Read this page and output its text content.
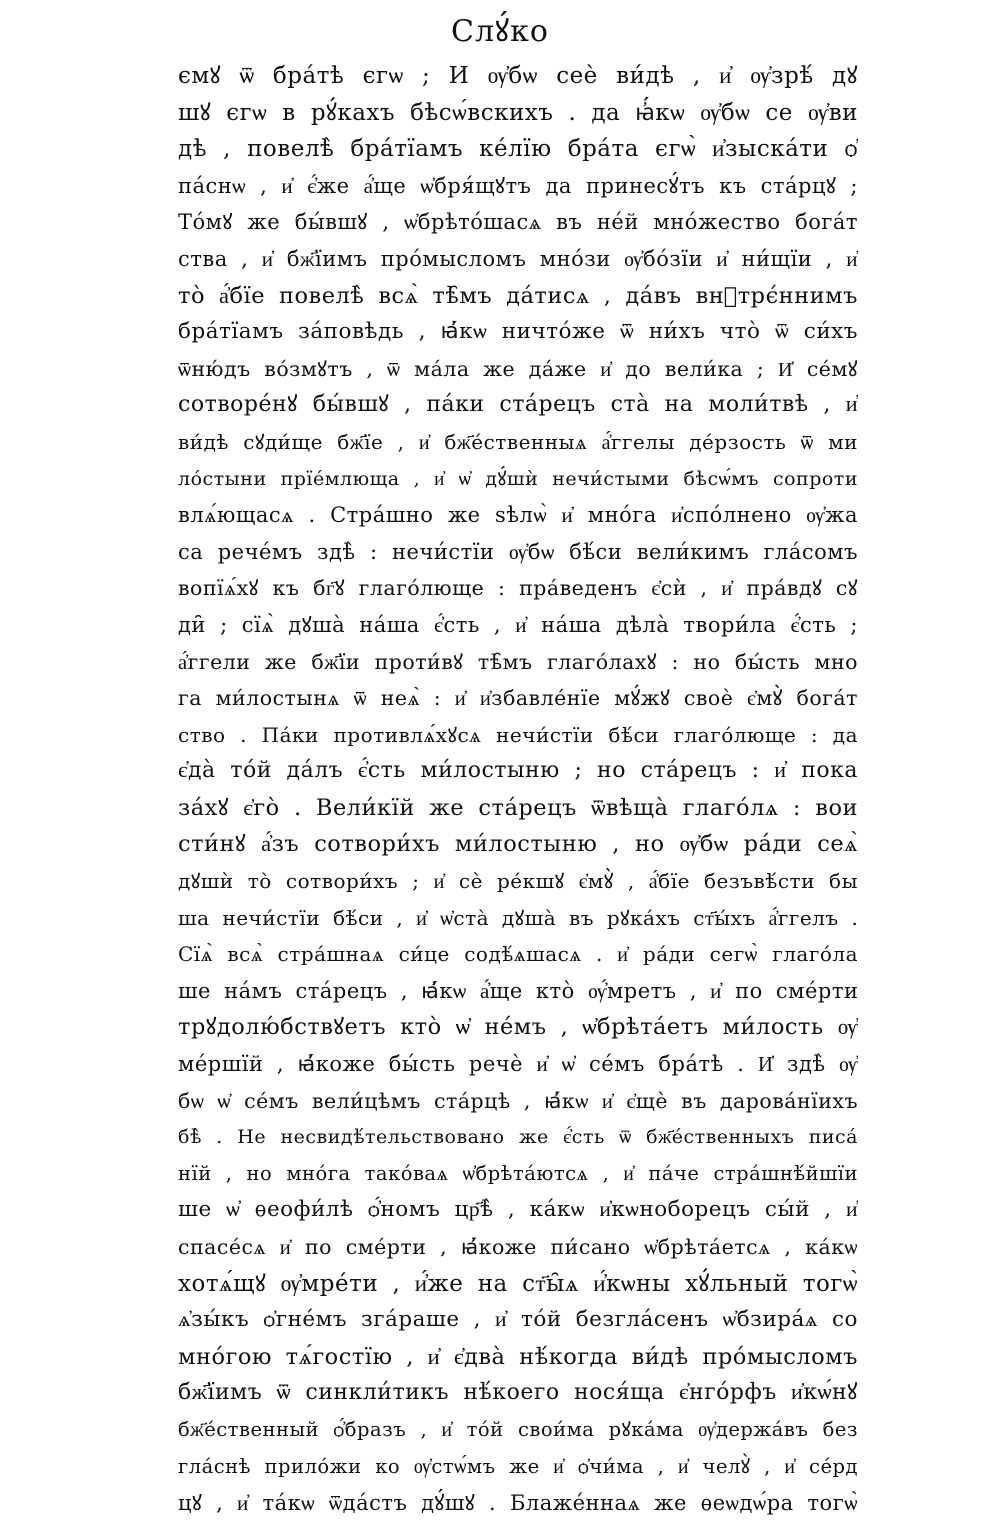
Слꙋ́ко
ємꙋ ѿ бра́тѣ єгѡ ; И ѹ҆бѡ сеѐ ви́дѣ , и҆ ѹ҆зрѣ́ дꙋ
шꙋ єгѡ в рꙋ́кахъ бѣсѡ́вскихъ . да ꙗ҆́кѡ ѹ҆бѡ се ѹ҆ви
дѣ , повелѣ̀ бра́тїамъ ке́лїю бра́та єгѡ̀ и҆зыска́ти ѻ҆
па́снѡ , и҆ є҆́же а҆́ще ѡ҆бря́щꙋтъ да принесꙋ́тъ къ ста́рцꙋ ;
То́мꙋ же бы́вшꙋ , ѡ҆брѣто́шасѧ въ не́й мно́жество бога́т
ства , и҆ бж҃їимъ про́мысломъ мно́зи ѹ҆бо́зїи и҆ ни́щїи , и҆
то̀ а҆́бїе повелѣ̀ всѧ̀ тѣ̑мъ да́тисѧ , да́въ вн꙽трє́ннимъ
бра́тїамъ за́повѣдь , ꙗ҆́кѡ ничто́же ѿ ни́хъ что̀ ѿ си́хъ
ѿню́дъ во́змꙋтъ , ѿ ма́ла же да́же и҆ до вели́ка ; И҆ се́мꙋ
сотворе́нꙋ бы́вшꙋ , па́ки ста́рецъ ста̀ на моли́твѣ , и҆
ви́дѣ сꙋди́ще бж҃їе , и҆ бж҃е́ственныѧ а҆́ггелы де́рзость ѿ ми
ло́стыни прїе́млюща , и҆ ѡ҆ дꙋ́шѝ нечи́стыми бѣсѡ́мъ сопроти
влѧ́ющасѧ . Стра́шно же ѕѣлѡ̀ и҆ мно́га и҆спо́лнено ѹ҆жа
са рече́мъ здѣ̀ : нечи́стїи ѹ҆бѡ бѣ́си вели́кимъ гла́сомъ
вопїѧ́хꙋ къ бг҃ꙋ глаго́люще : пра́веденъ є҆сѝ , и҆ пра́вдꙋ сꙋ
ди̑ ; сїѧ̀ дꙋша̀ на́ша є҆́сть , и҆ на́ша дѣла̀ твори́ла є҆́сть ;
а҆́ггели же бж҃їи проти́вꙋ тѣ̑мъ глаго́лахꙋ : но бы́сть мно
га ми́лостынѧ ѿ неѧ̀ : и҆ и҆збавле́нїе мꙋ́жꙋ своѐ є҆мꙋ̀ бога́т
ство . Па́ки противлѧ́хꙋсѧ нечи́стїи бѣ́си глаго́люще : да
є҆да̀ то́й да́лъ є҆́сть ми́лостыню ; но ста́рецъ : и҆ пока
за́хꙋ є҆го̀ . Вели́кїй же ста́рецъ ѿвѣща̀ глаго́лѧ : вои
сти́нꙋ а҆́зъ сотвори́хъ ми́лостыню , но ѹ҆бѡ ра́ди сеѧ̀
дꙋшѝ то̀ сотвори́хъ ; и҆ сѐ ре́кшꙋ є҆мꙋ̀ , а҆́бїе безъвѣ́сти бы
ша нечи́стїи бѣ́си , и҆ ѡ҆ста̀ дꙋша̀ въ рꙋка́хъ ст҃ы́хъ а҆́ггелъ .
Сїѧ̀ всѧ̀ стра́шнаѧ си́це содѣ́ѧшасѧ . и҆ ра́ди сегѡ̀ глаго́ла
ше на́мъ ста́рецъ , ꙗ҆́кѡ а҆́ще кто̀ ѹ҆́мретъ , и҆ по сме́рти
трꙋдолю́бствꙋетъ кто̀ ѡ҆ не́мъ , ѡ҆брѣта́етъ ми́лость ѹ҆
ме́ршїй , ꙗ҆́коже бы́сть речѐ и҆ ѡ҆ се́мъ бра́тѣ . И҆ здѣ̀ ѹ҆
бѡ ѡ҆ се́мъ вели́цѣмъ ста́рцѣ , ꙗ҆́кѡ и҆ є҆щѐ въ дарова́нїихъ
бѣ̀ . Не несвидѣ́тельствовано же є҆́сть ѿ бж҃е́ственныхъ писа́
нїй , но мно́га тако́ваѧ ѡ҆брѣта́ютсѧ , и҆ па́че стра́шнѣ́йшїи
ше ѡ҆ ѳеофи́лѣ ѻ҆́номъ цр҃ѣ̀ , ка́кѡ и҆кѡноборецъ сы́й , и҆
спасе́сѧ и҆ по сме́рти , ꙗ҆́коже пи́сано ѡ҆брѣта́етсѧ , ка́кѡ
хотѧ́щꙋ ѹ҆мре́ти , и҆́же на ст҃ы̑ѧ и҆́кѡны хꙋ́льный тогѡ̀
ѧ҆зы́къ ѻ҆гне́мъ зга́раше , и҆ то́й безгла́сенъ ѡ҆бзира́ѧ со
мно́гою тѧ́гостїю , и҆ є҆два̀ нѣ́когда ви́дѣ про́мысломъ
бж҃їимъ ѿ синкли́тикъ нѣ́коего нося́ща є҆нго́рфъ и҆кѡ́нꙋ
бж҃е́ственный ѻ҆́бразъ , и҆ то́й свои́ма рꙋка́ма ѹ҆держа́въ без
гла́снѣ прило́жи ко ѹ҆стѡ́мъ же и҆ ѻ҆чи́ма , и҆ челꙋ̀ , и҆ се́рд
цꙋ , и҆ та́кѡ ѿда́стъ дꙋ́шꙋ . Блаже́ннаѧ же ѳеѡдѡ́ра тогѡ̀
